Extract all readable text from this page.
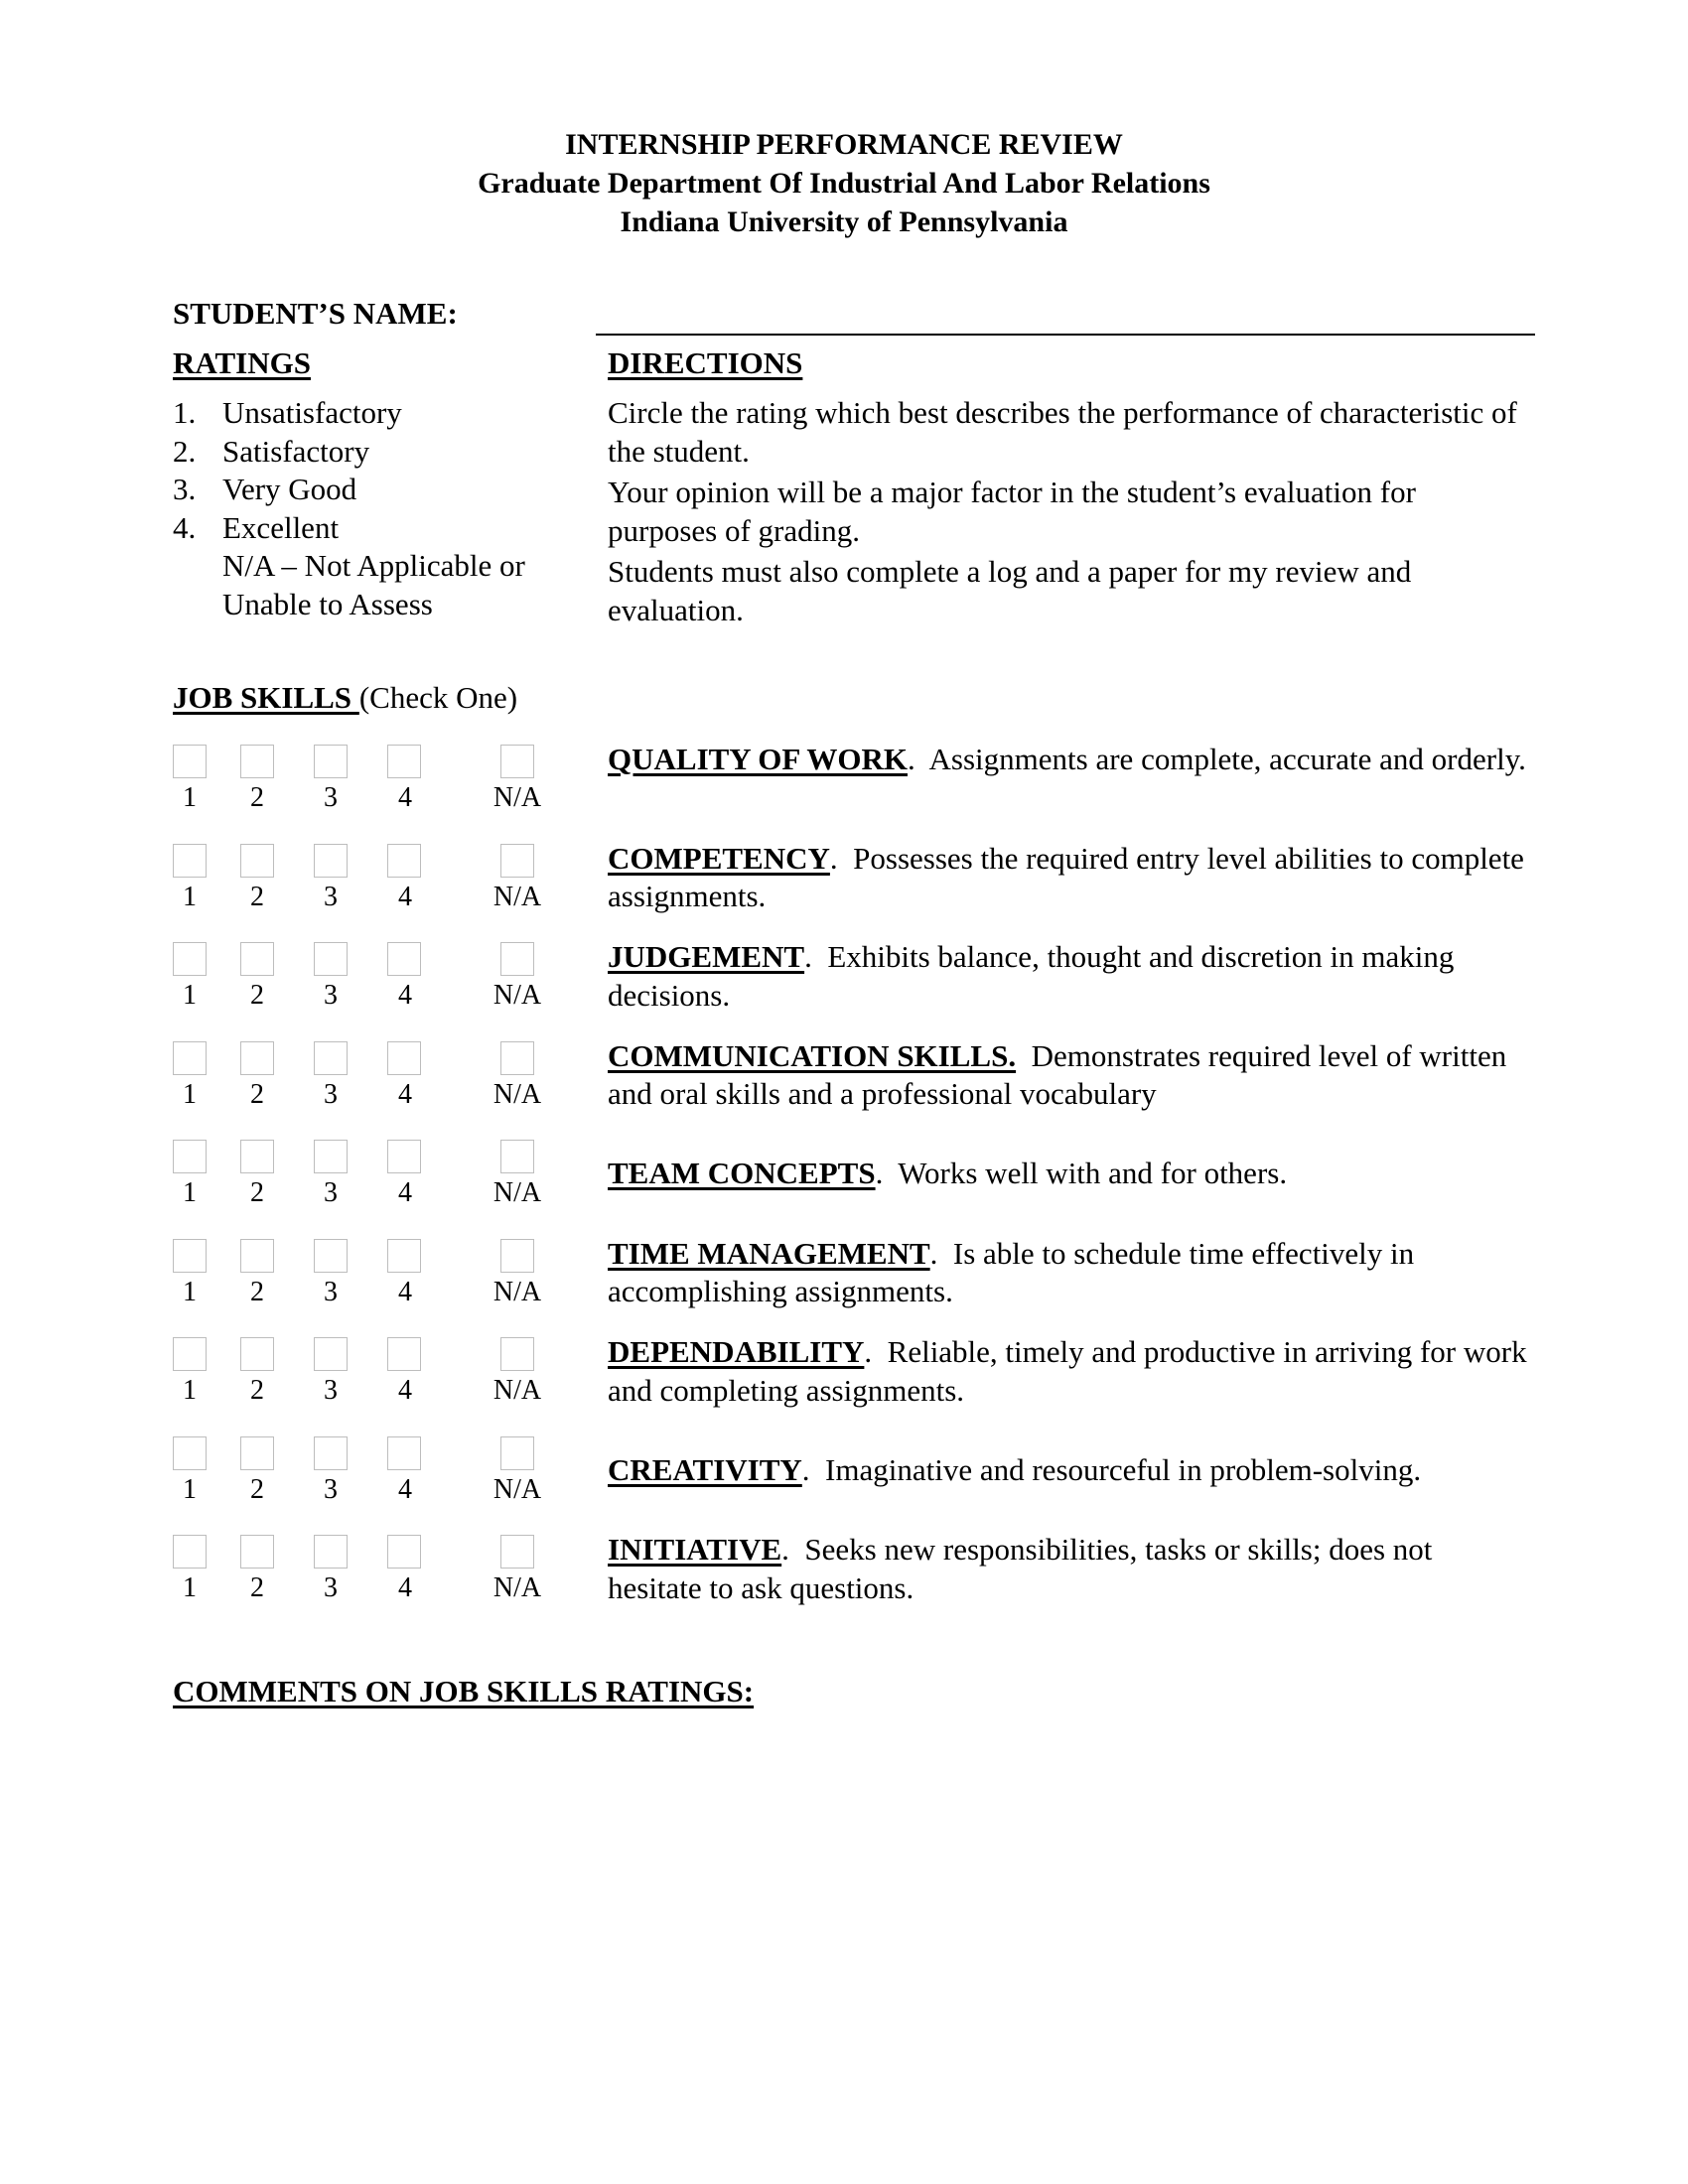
INTERNSHIP PERFORMANCE REVIEW
Graduate Department Of Industrial And Labor Relations
Indiana University of Pennsylvania
STUDENT’S NAME:
RATINGS
1. Unsatisfactory
2. Satisfactory
3. Very Good
4. Excellent
N/A – Not Applicable or
Unable to Assess
DIRECTIONS

Circle the rating which best describes the performance of characteristic of the student.

Your opinion will be a major factor in the student’s evaluation for purposes of grading.

Students must also complete a log and a paper for my review and evaluation.

JOB SKILLS (Check One)
1	2	3	4	N/A
QUALITY OF WORK.  Assignments are complete, accurate and orderly.
1	2	3	4	N/A
COMPETENCY.  Possesses the required entry level abilities to complete assignments.
1	2	3	4	N/A
JUDGEMENT.  Exhibits balance, thought and discretion in making decisions.
1	2	3	4	N/A
COMMUNICATION SKILLS. Demonstrates required level of written and oral skills and a professional vocabulary
1	2	3	4	N/A
TEAM CONCEPTS.  Works well with and for others.
1	2	3	4	N/A
TIME MANAGEMENT.  Is able to schedule time effectively in accomplishing assignments.
1	2	3	4	N/A
DEPENDABILITY.  Reliable, timely and productive in arriving for work and completing assignments.
1	2	3	4	N/A
CREATIVITY.  Imaginative and resourceful in problem-solving.
1	2	3	4	N/A
INITIATIVE.  Seeks new responsibilities, tasks or skills; does not hesitate to ask questions.
COMMENTS ON JOB SKILLS RATINGS:
